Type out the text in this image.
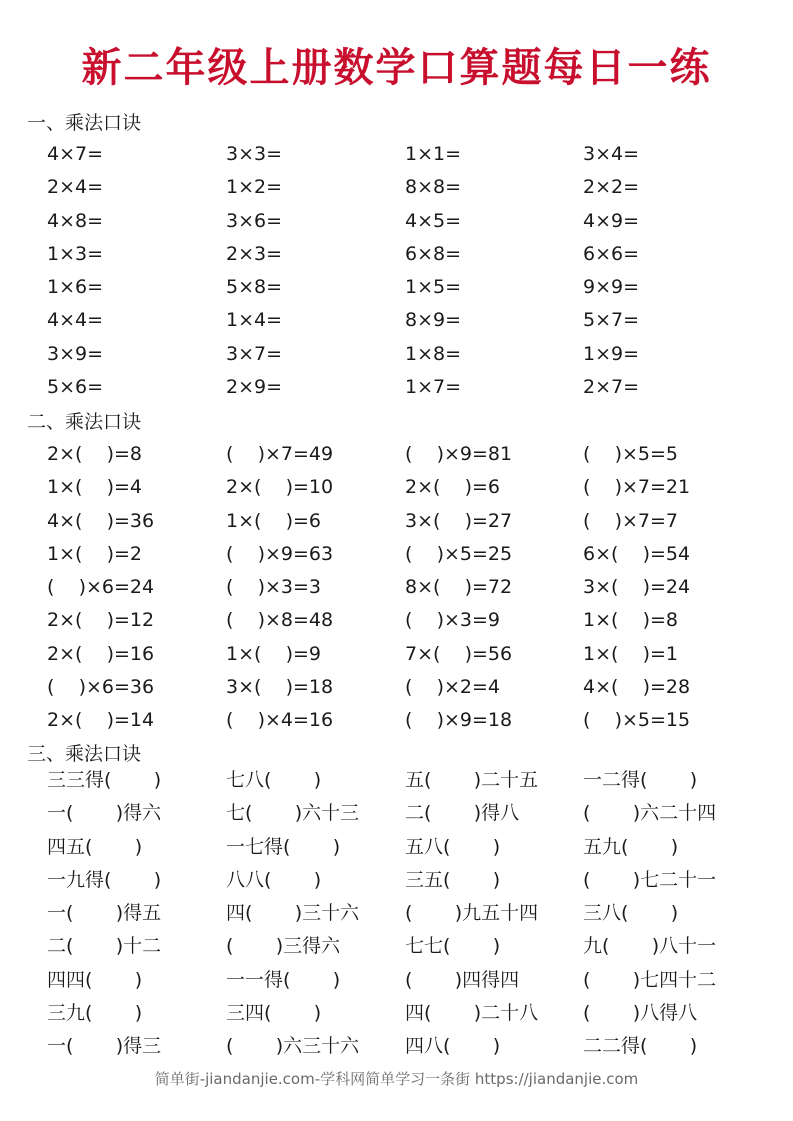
新二年级上册数学口算题每日一练
一、乘法口诀
4×7=	3×3=	1×1=	3×4=
2×4=	1×2=	8×8=	2×2=
4×8=	3×6=	4×5=	4×9=
1×3=	2×3=	6×8=	6×6=
1×6=	5×8=	1×5=	9×9=
4×4=	1×4=	8×9=	5×7=
3×9=	3×7=	1×8=	1×9=
5×6=	2×9=	1×7=	2×7=
二、乘法口诀
2×(    )=8	(    )×7=49	(    )×9=81	(    )×5=5
1×(    )=4	2×(    )=10	2×(    )=6	(    )×7=21
4×(    )=36	1×(    )=6	3×(    )=27	(    )×7=7
1×(    )=2	(    )×9=63	(    )×5=25	6×(    )=54
(    )×6=24	(    )×3=3	8×(    )=72	3×(    )=24
2×(    )=12	(    )×8=48	(    )×3=9	1×(    )=8
2×(    )=16	1×(    )=9	7×(    )=56	1×(    )=1
(    )×6=36	3×(    )=18	(    )×2=4	4×(    )=28
2×(    )=14	(    )×4=16	(    )×9=18	(    )×5=15
三、乘法口诀
三三得(       )	七八(       )	五(       )二十五	一二得(       )
一(       )得六	七(       )六十三	二(       )得八	(       )六二十四
四五(       )	一七得(       )	五八(       )	五九(       )
一九得(       )	八八(       )	三五(       )	(       )七二十一
一(       )得五	四(       )三十六	(       )九五十四	三八(       )
二(       )十二	(       )三得六	七七(       )	九(       )八十一
四四(       )	一一得(       )	(       )四得四	(       )七四十二
三九(       )	三四(       )	四(       )二十八	(       )八得八
一(       )得三	(       )六三十六	四八(       )	二二得(       )
简单街-jiandanjie.com-学科网简单学习一条街 https://jiandanjie.com
